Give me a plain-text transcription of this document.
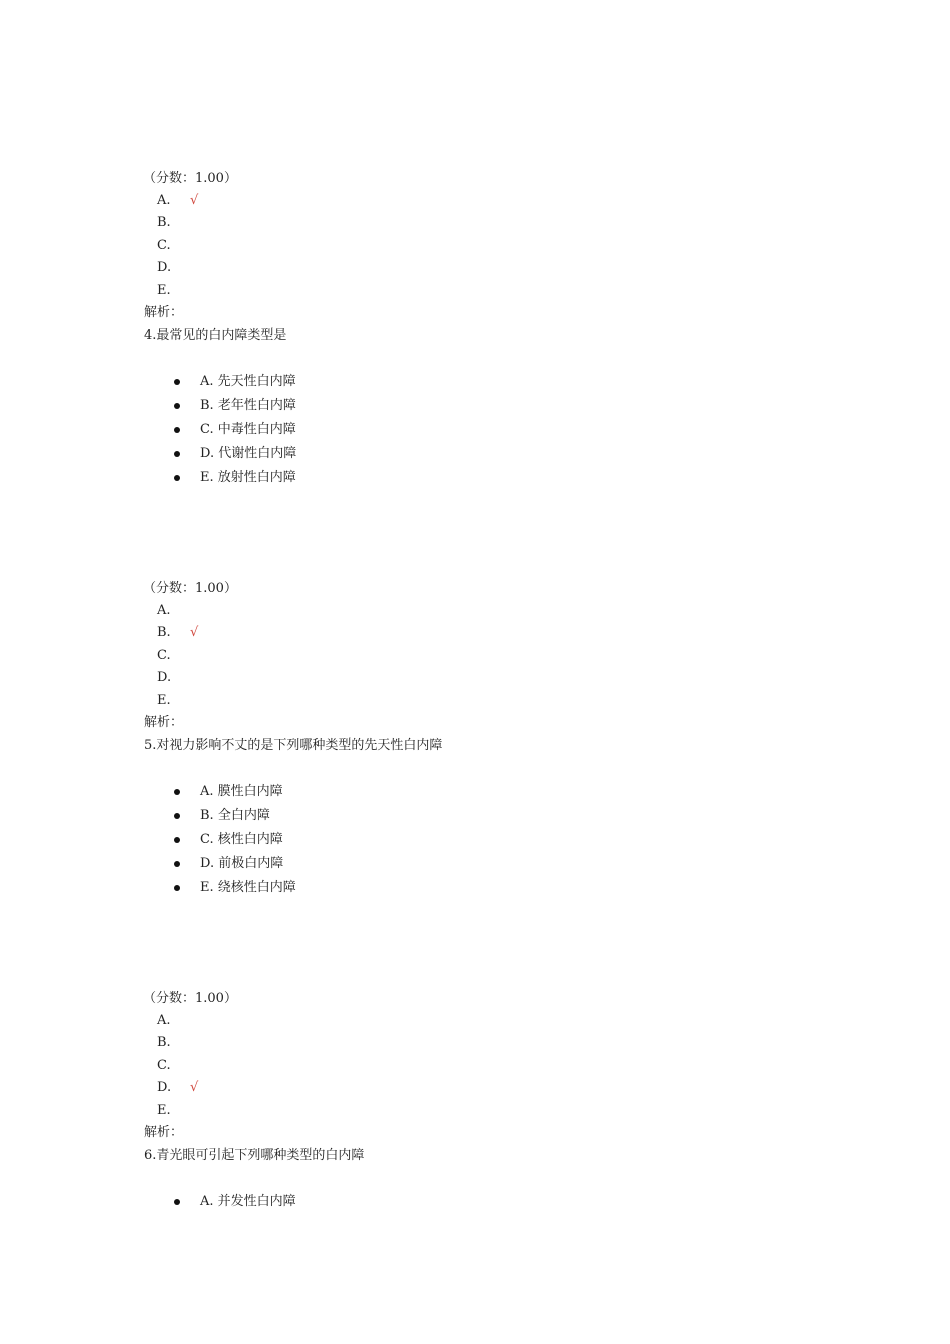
（分数：1.00）
A. √
B.
C.
D.
E.
解析：
4.最常见的白内障类型是
A. 先天性白内障
B. 老年性白内障
C. 中毒性白内障
D. 代谢性白内障
E. 放射性白内障
（分数：1.00）
A.
B. √
C.
D.
E.
解析：
5.对视力影响不丈的是下列哪种类型的先天性白内障
A. 膜性白内障
B. 全白内障
C. 核性白内障
D. 前极白内障
E. 绕核性白内障
（分数：1.00）
A.
B.
C.
D. √
E.
解析：
6.青光眼可引起下列哪种类型的白内障
A. 并发性白内障
